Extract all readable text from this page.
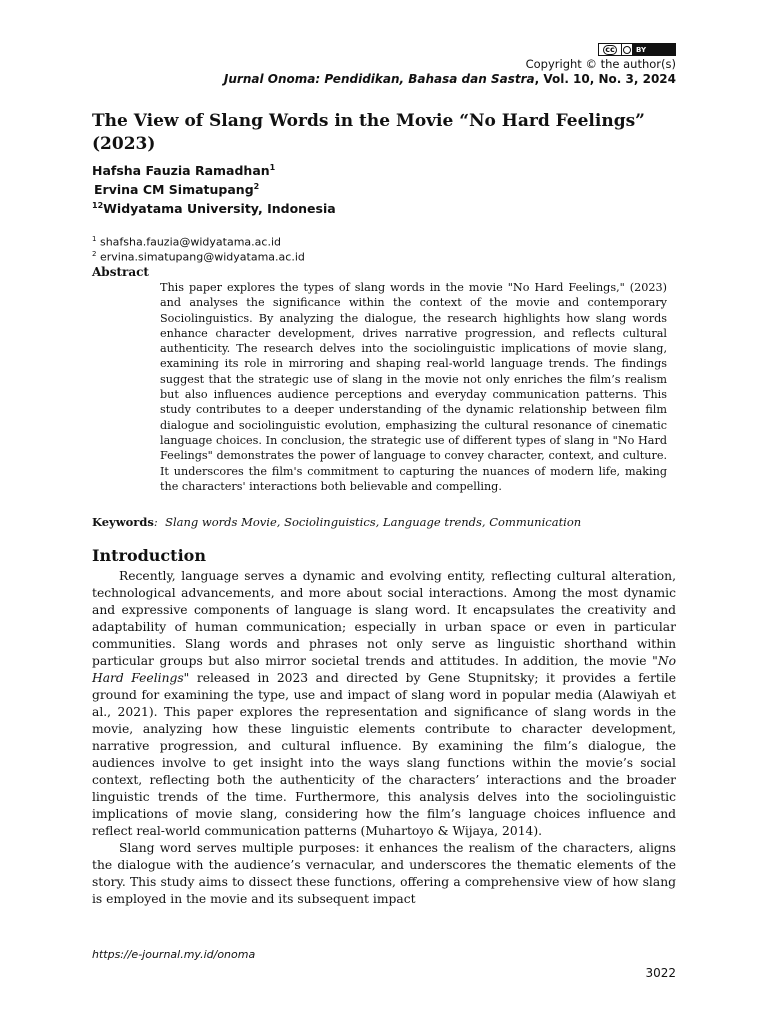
cc	BY
Copyright © the author(s)
Jurnal Onoma: Pendidikan, Bahasa dan Sastra, Vol. 10, No. 3, 2024
The View of Slang Words in the Movie “No Hard Feelings” (2023)
Hafsha Fauzia Ramadhan$^1$
Ervina CM Simatupang$^2$
$^{12}$Widyatama University, Indonesia
$^1$ shafsha.fauzia@widyatama.ac.id
$^2$ ervina.simatupang@widyatama.ac.id
Abstract

This paper explores the types of slang words in the movie "No Hard Feelings," (2023) and analyses the significance within the context of the movie and contemporary Sociolinguistics. By analyzing the dialogue, the research highlights how slang words enhance character development, drives narrative progression, and reflects cultural authenticity. The research delves into the sociolinguistic implications of movie slang, examining its role in mirroring and shaping real-world language trends. The findings suggest that the strategic use of slang in the movie not only enriches the film’s realism but also influences audience perceptions and everyday communication patterns. This study contributes to a deeper understanding of the dynamic relationship between film dialogue and sociolinguistic evolution, emphasizing the cultural resonance of cinematic language choices. In conclusion, the strategic use of different types of slang in "No Hard Feelings" demonstrates the power of language to convey character, context, and culture. It underscores the film's commitment to capturing the nuances of modern life, making the characters' interactions both believable and compelling.

Keywords: Slang words Movie, Sociolinguistics, Language trends, Communication
Introduction

Recently, language serves a dynamic and evolving entity, reflecting cultural alteration, technological advancements, and more about social interactions. Among the most dynamic and expressive components of language is slang word. It encapsulates the creativity and adaptability of human communication; especially in urban space or even in particular communities. Slang words and phrases not only serve as linguistic shorthand within particular groups but also mirror societal trends and attitudes. In addition, the movie "No Hard Feelings" released in 2023 and directed by Gene Stupnitsky; it provides a fertile ground for examining the type, use and impact of slang word in popular media (Alawiyah et al., 2021). This paper explores the representation and significance of slang words in the movie, analyzing how these linguistic elements contribute to character development, narrative progression, and cultural influence. By examining the film’s dialogue, the audiences involve to get insight into the ways slang functions within the movie’s social context, reflecting both the authenticity of the characters’ interactions and the broader linguistic trends of the time. Furthermore, this analysis delves into the sociolinguistic implications of movie slang, considering how the film’s language choices influence and reflect real-world communication patterns (Muhartoyo & Wijaya, 2014).

Slang word serves multiple purposes: it enhances the realism of the characters, aligns the dialogue with the audience’s vernacular, and underscores the thematic elements of the story. This study aims to dissect these functions, offering a comprehensive view of how slang is employed in the movie and its subsequent impact

https://e-journal.my.id/onoma
3022
